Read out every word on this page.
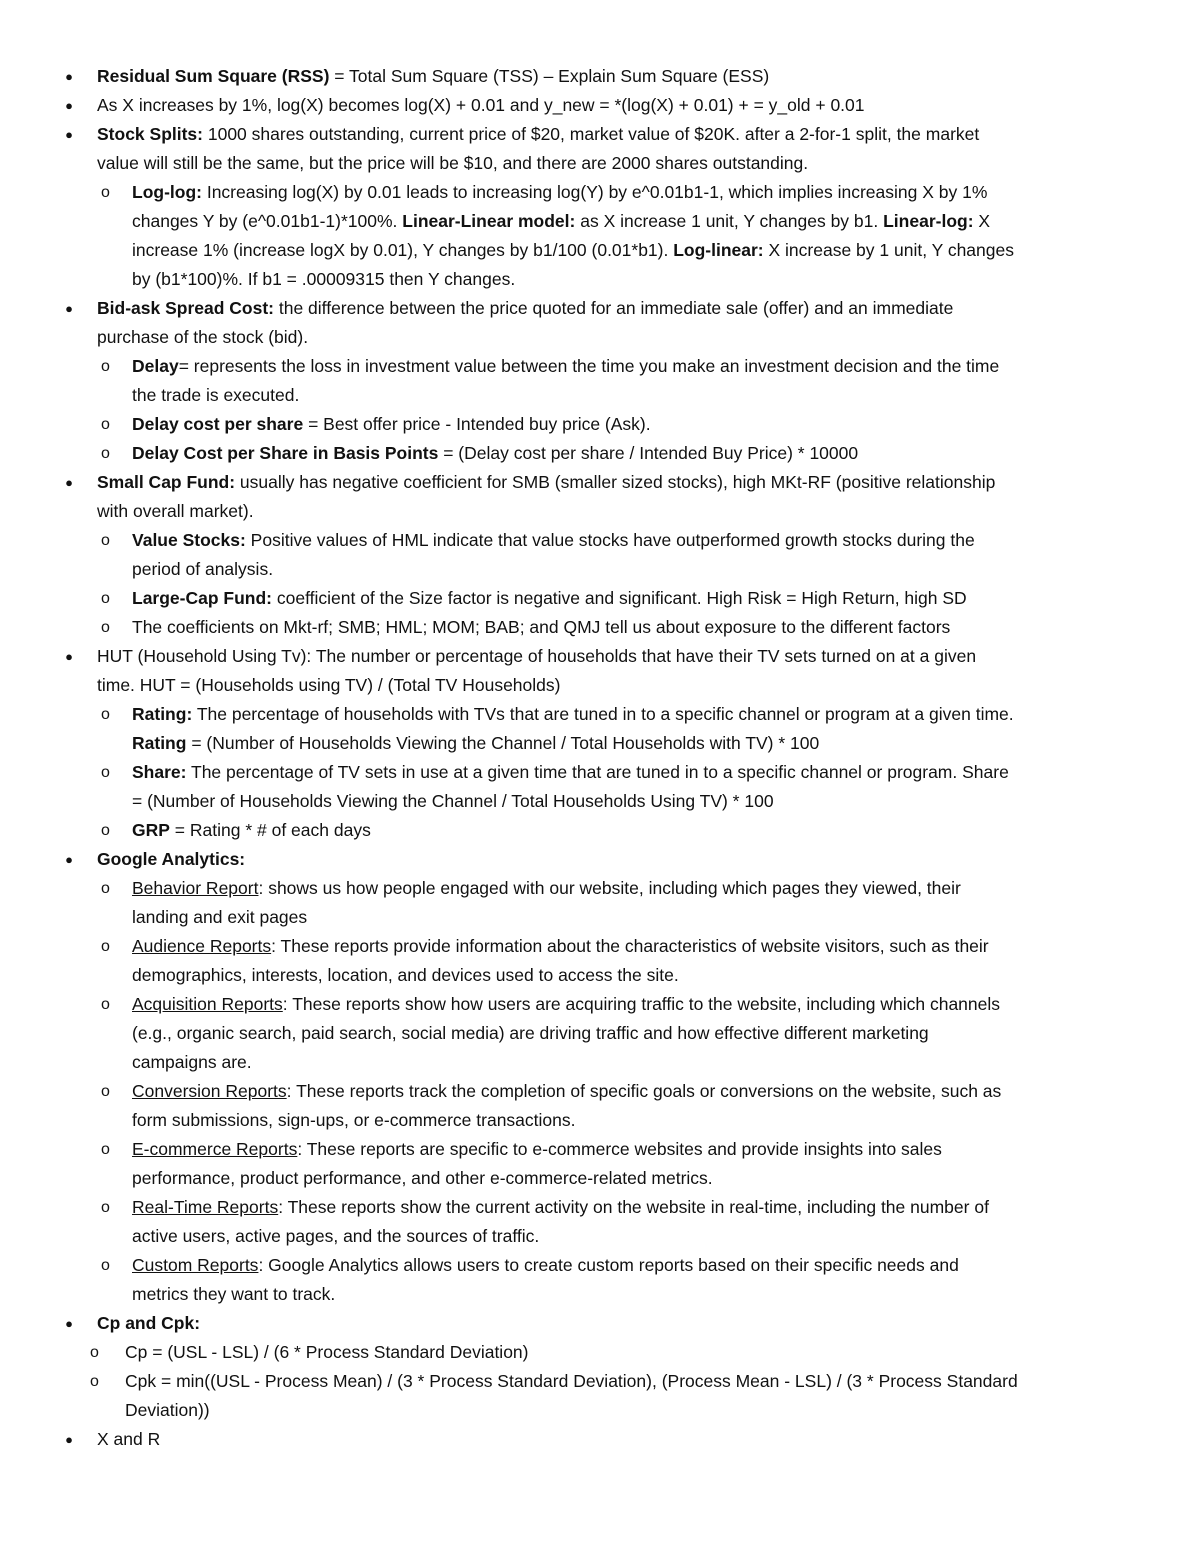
● Residual Sum Square (RSS) = Total Sum Square (TSS) – Explain Sum Square (ESS)
● As X increases by 1%, log(X) becomes log(X) + 0.01 and y_new = *(log(X) + 0.01) + = y_old + 0.01
● Stock Splits: 1000 shares outstanding, current price of $20, market value of $20K. after a 2-for-1 split, the market
value will still be the same, but the price will be $10, and there are 2000 shares outstanding.
o Log-log: Increasing log(X) by 0.01 leads to increasing log(Y) by e^0.01b1-1, which implies increasing X by 1%
changes Y by (e^0.01b1-1)*100%. Linear-Linear model: as X increase 1 unit, Y changes by b1. Linear-log: X
increase 1% (increase logX by 0.01), Y changes by b1/100 (0.01*b1). Log-linear: X increase by 1 unit, Y changes
by (b1*100)%. If b1 = .00009315 then Y changes.
● Bid-ask Spread Cost: the difference between the price quoted for an immediate sale (offer) and an immediate
purchase of the stock (bid).
o Delay= represents the loss in investment value between the time you make an investment decision and the time
the trade is executed.
o Delay cost per share = Best offer price - Intended buy price (Ask).
o Delay Cost per Share in Basis Points = (Delay cost per share / Intended Buy Price) * 10000
● Small Cap Fund: usually has negative coefficient for SMB (smaller sized stocks), high MKt-RF (positive relationship
with overall market).
o Value Stocks: Positive values of HML indicate that value stocks have outperformed growth stocks during the
period of analysis.
o Large-Cap Fund: coefficient of the Size factor is negative and significant. High Risk = High Return, high SD
o The coefficients on Mkt-rf; SMB; HML; MOM; BAB; and QMJ tell us about exposure to the different factors
● HUT (Household Using Tv): The number or percentage of households that have their TV sets turned on at a given
time. HUT = (Households using TV) / (Total TV Households)
o Rating: The percentage of households with TVs that are tuned in to a specific channel or program at a given time.
Rating = (Number of Households Viewing the Channel / Total Households with TV) * 100
o Share: The percentage of TV sets in use at a given time that are tuned in to a specific channel or program. Share
= (Number of Households Viewing the Channel / Total Households Using TV) * 100
o GRP = Rating * # of each days
● Google Analytics:
o Behavior Report: shows us how people engaged with our website, including which pages they viewed, their
landing and exit pages
o Audience Reports: These reports provide information about the characteristics of website visitors, such as their
demographics, interests, location, and devices used to access the site.
o Acquisition Reports: These reports show how users are acquiring traffic to the website, including which channels
(e.g., organic search, paid search, social media) are driving traffic and how effective different marketing
campaigns are.
o Conversion Reports: These reports track the completion of specific goals or conversions on the website, such as
form submissions, sign-ups, or e-commerce transactions.
o E-commerce Reports: These reports are specific to e-commerce websites and provide insights into sales
performance, product performance, and other e-commerce-related metrics.
o Real-Time Reports: These reports show the current activity on the website in real-time, including the number of
active users, active pages, and the sources of traffic.
o Custom Reports: Google Analytics allows users to create custom reports based on their specific needs and
metrics they want to track.
● Cp and Cpk:
o Cp = (USL - LSL) / (6 * Process Standard Deviation)
o Cpk = min((USL - Process Mean) / (3 * Process Standard Deviation), (Process Mean - LSL) / (3 * Process Standard
Deviation))
● X and R
